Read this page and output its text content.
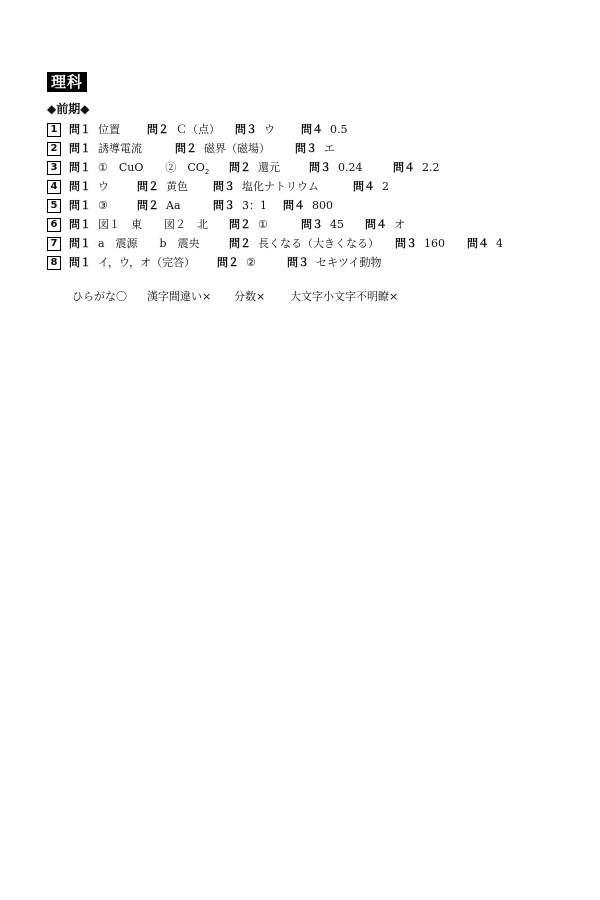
理科
◆前期◆
1	問１ 位置 問２ Ｃ（点） 問３ ウ 問４ 0.5
2	問１ 誘導電流	問２ 磁界（磁場） 問３ エ
3	問１ ①　CuO　　②　$CO_2$ 問２ 還元	問３ 0.24	問４ 2.2
4	問１ ウ	問２ 黄色 問３ 塩化ナトリウム	問４ 2
5	問１ ③	問２ Aa	問３ 3：1 問４ 800
6	問１ 図１　東　　図２　北 問２ ①	問３ 45 問４ オ
7	問１ a　震源　　b　震央	問２ 長くなる（大きくなる） 問３ 160 問４ 4
8	問１ イ，ウ，オ（完答） 問２ ②	問３ セキツイ動物
ひらがな〇 漢字間違い× 分数× 大文字小文字不明瞭×
